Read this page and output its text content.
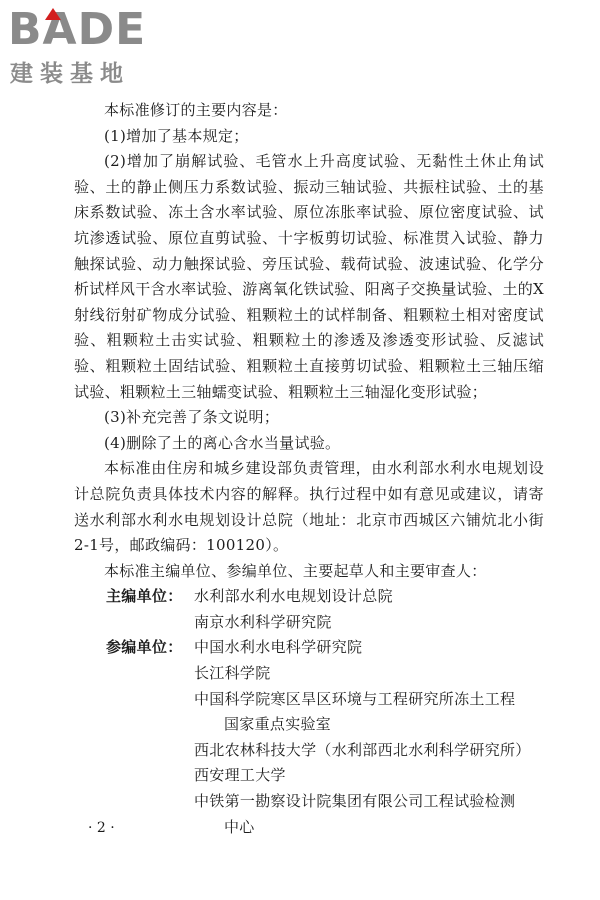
BADE
建装基地

本标准修订的主要内容是：

(1)增加了基本规定；

(2)增加了崩解试验、毛管水上升高度试验、无黏性土休止角试验、土的静止侧压力系数试验、振动三轴试验、共振柱试验、土的基床系数试验、冻土含水率试验、原位冻胀率试验、原位密度试验、试坑渗透试验、原位直剪试验、十字板剪切试验、标准贯入试验、静力触探试验、动力触探试验、旁压试验、载荷试验、波速试验、化学分析试样风干含水率试验、游离氧化铁试验、阳离子交换量试验、土的X射线衍射矿物成分试验、粗颗粒土的试样制备、粗颗粒土相对密度试验、粗颗粒土击实试验、粗颗粒土的渗透及渗透变形试验、反滤试验、粗颗粒土固结试验、粗颗粒土直接剪切试验、粗颗粒土三轴压缩试验、粗颗粒土三轴蠕变试验、粗颗粒土三轴湿化变形试验；

(3)补充完善了条文说明；

(4)删除了土的离心含水当量试验。

本标准由住房和城乡建设部负责管理，由水利部水利水电规划设计总院负责具体技术内容的解释。执行过程中如有意见或建议，请寄送水利部水利水电规划设计总院（地址：北京市西城区六铺炕北小街2-1号，邮政编码：100120）。

本标准主编单位、参编单位、主要起草人和主要审查人：

主编单位： 水利部水利水电规划设计总院
南京水利科学研究院
参编单位： 中国水利水电科学研究院
长江科学院
中国科学院寒区旱区环境与工程研究所冻土工程
国家重点实验室
西北农林科技大学（水利部西北水利科学研究所）
西安理工大学
中铁第一勘察设计院集团有限公司工程试验检测
中心
· 2 ·
